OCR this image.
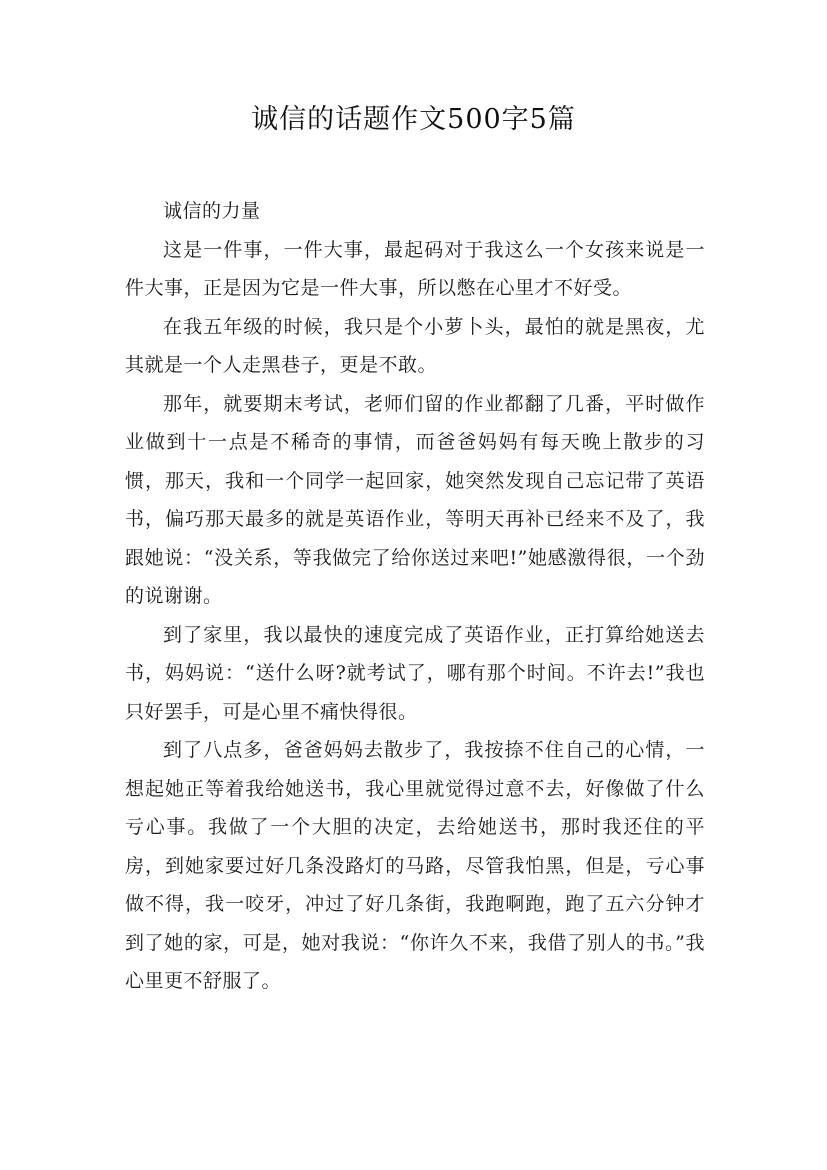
诚信的话题作文500字5篇

诚信的力量

这是一件事，一件大事，最起码对于我这么一个女孩来说是一件大事，正是因为它是一件大事，所以憋在心里才不好受。

在我五年级的时候，我只是个小萝卜头，最怕的就是黑夜，尤其就是一个人走黑巷子，更是不敢。

那年，就要期末考试，老师们留的作业都翻了几番，平时做作业做到十一点是不稀奇的事情，而爸爸妈妈有每天晚上散步的习惯，那天，我和一个同学一起回家，她突然发现自己忘记带了英语书，偏巧那天最多的就是英语作业，等明天再补已经来不及了，我跟她说：“没关系，等我做完了给你送过来吧!”她感激得很，一个劲的说谢谢。

到了家里，我以最快的速度完成了英语作业，正打算给她送去书，妈妈说：“送什么呀?就考试了，哪有那个时间。不许去!”我也只好罢手，可是心里不痛快得很。

到了八点多，爸爸妈妈去散步了，我按捺不住自己的心情，一想起她正等着我给她送书，我心里就觉得过意不去，好像做了什么亏心事。我做了一个大胆的决定，去给她送书，那时我还住的平房，到她家要过好几条没路灯的马路，尽管我怕黑，但是，亏心事做不得，我一咬牙，冲过了好几条街，我跑啊跑，跑了五六分钟才到了她的家，可是，她对我说：“你许久不来，我借了别人的书。”我心里更不舒服了。
